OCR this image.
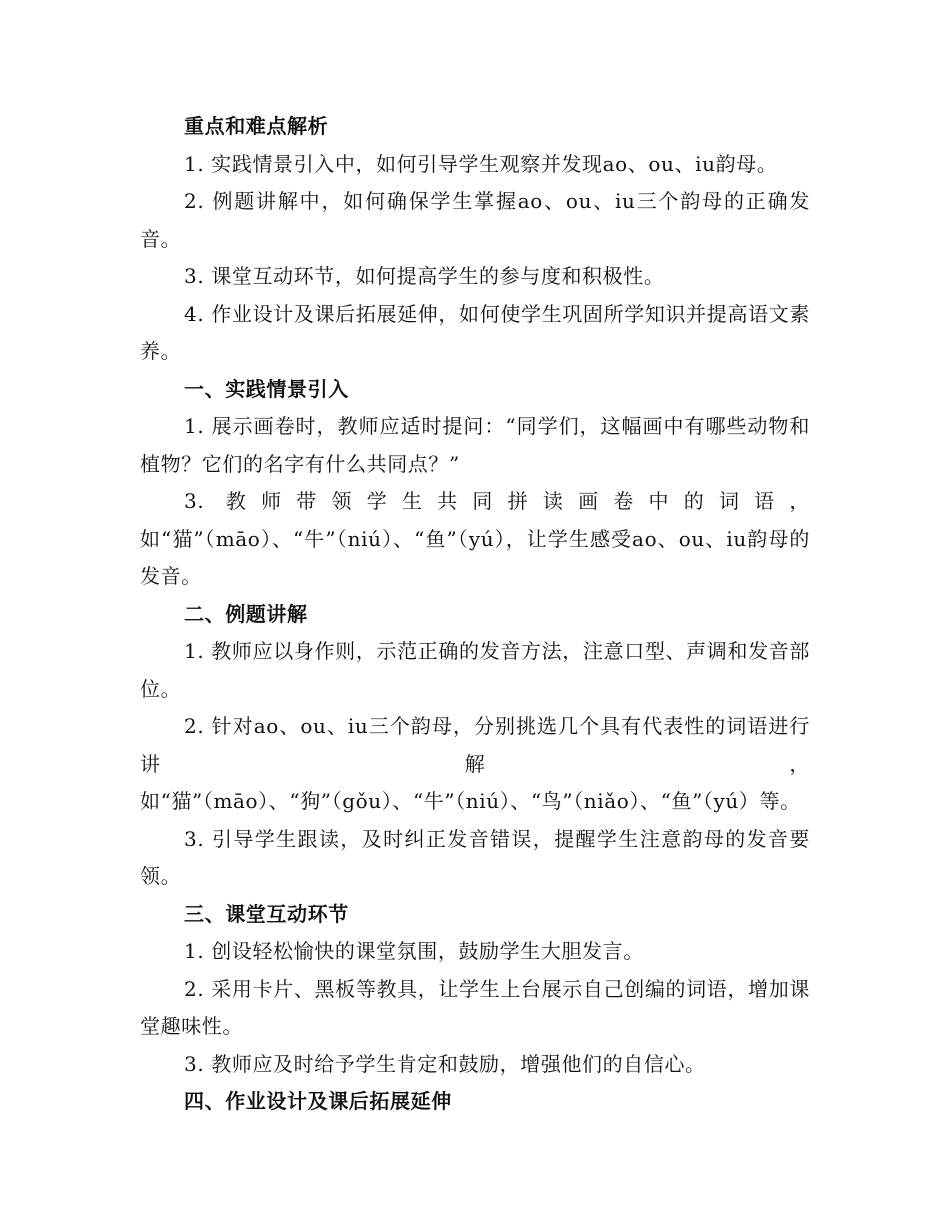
重点和难点解析

1. 实践情景引入中，如何引导学生观察并发现ao、ou、iu韵母。

2. 例题讲解中，如何确保学生掌握ao、ou、iu三个韵母的正确发音。

3. 课堂互动环节，如何提高学生的参与度和积极性。

4. 作业设计及课后拓展延伸，如何使学生巩固所学知识并提高语文素养。

一、实践情景引入

1. 展示画卷时，教师应适时提问：“同学们，这幅画中有哪些动物和植物？它们的名字有什么共同点？”

3. 教师带领学生共同拼读画卷中的词语，如“猫”（māo）、“牛”（niú）、“鱼”（yú），让学生感受ao、ou、iu韵母的发音。

二、例题讲解

1. 教师应以身作则，示范正确的发音方法，注意口型、声调和发音部位。

2. 针对ao、ou、iu三个韵母，分别挑选几个具有代表性的词语进行讲解，如“猫”（māo）、“狗”（gǒu）、“牛”（niú）、“鸟”（niǎo）、“鱼”（yú）等。

3. 引导学生跟读，及时纠正发音错误，提醒学生注意韵母的发音要领。

三、课堂互动环节

1. 创设轻松愉快的课堂氛围，鼓励学生大胆发言。

2. 采用卡片、黑板等教具，让学生上台展示自己创编的词语，增加课堂趣味性。

3. 教师应及时给予学生肯定和鼓励，增强他们的自信心。

四、作业设计及课后拓展延伸
